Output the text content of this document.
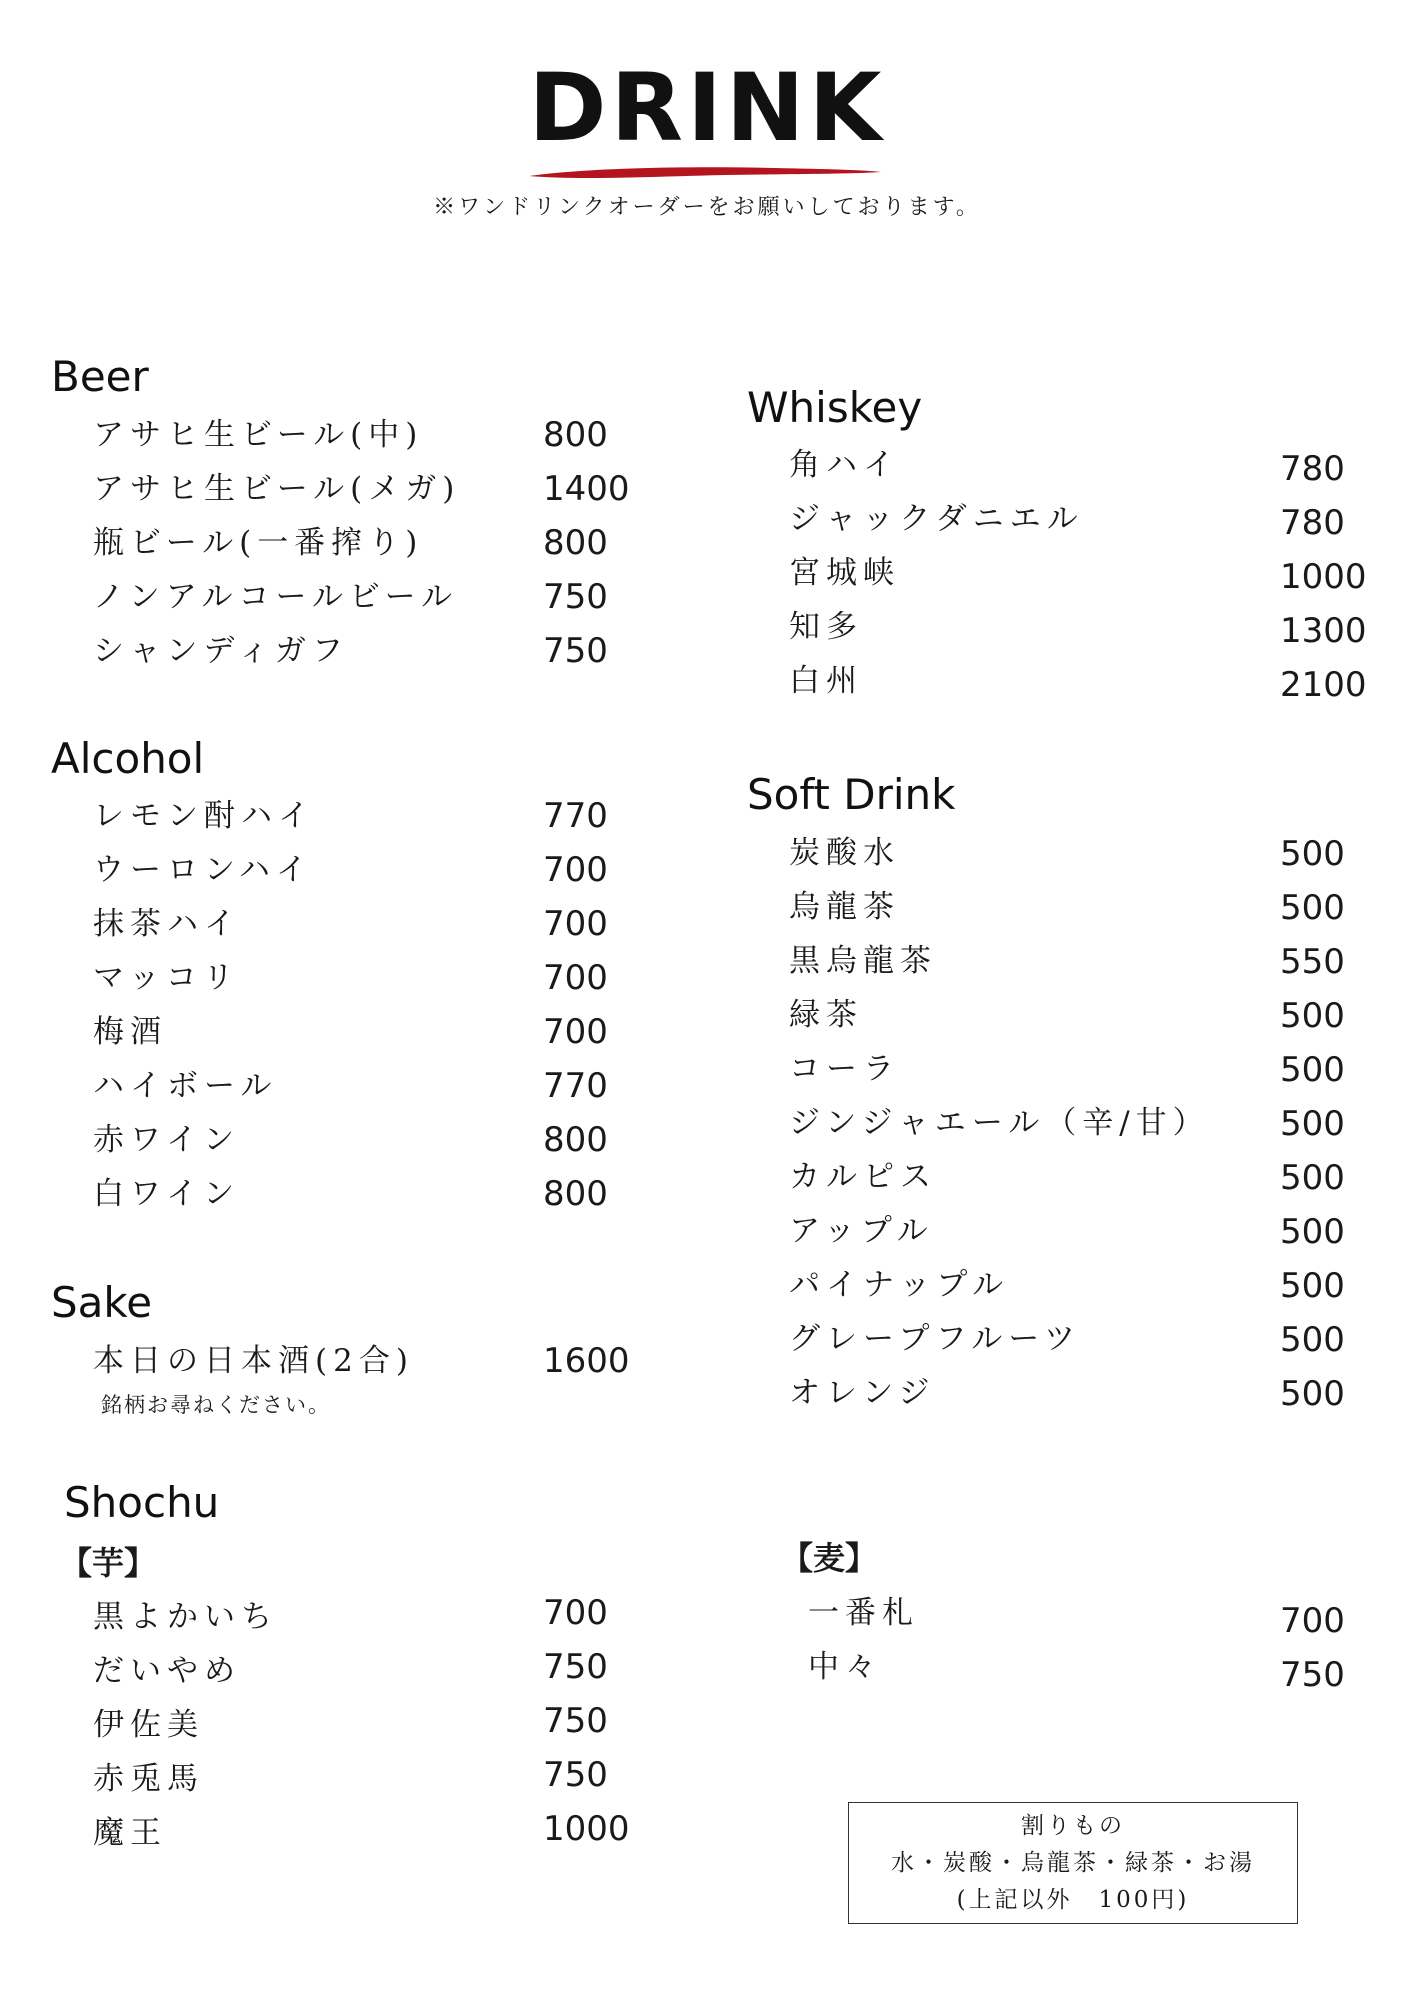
DRINK
※ワンドリンクオーダーをお願いしております。
Beer
アサヒ生ビール(中)	800
アサヒ生ビール(メガ) 1400
瓶ビール(一番搾り)	800
ノンアルコールビール 750
シャンディガフ	750
Alcohol
レモン酎ハイ	770
ウーロンハイ	700
抹茶ハイ	700
マッコリ	700
梅酒	700
ハイボール	770
赤ワイン	800
白ワイン	800
Sake
本日の日本酒(2合)	1600
銘柄お尋ねください。
Shochu
【芋】
黒よかいち	700
だいやめ	750
伊佐美	750
赤兎馬	750
魔王	1000
Whiskey
角ハイ	780
ジャックダニエル	780
宮城峡	1000
知多	1300
白州	2100
Soft Drink
炭酸水	500
烏龍茶	500
黒烏龍茶	550
緑茶	500
コーラ	500
ジンジャエール（辛/甘） 500
カルピス	500
アップル	500
パイナップル	500
グレープフルーツ	500
オレンジ	500
【麦】
一番札	700
中々	750
割りもの
水・炭酸・烏龍茶・緑茶・お湯
(上記以外　100円)
